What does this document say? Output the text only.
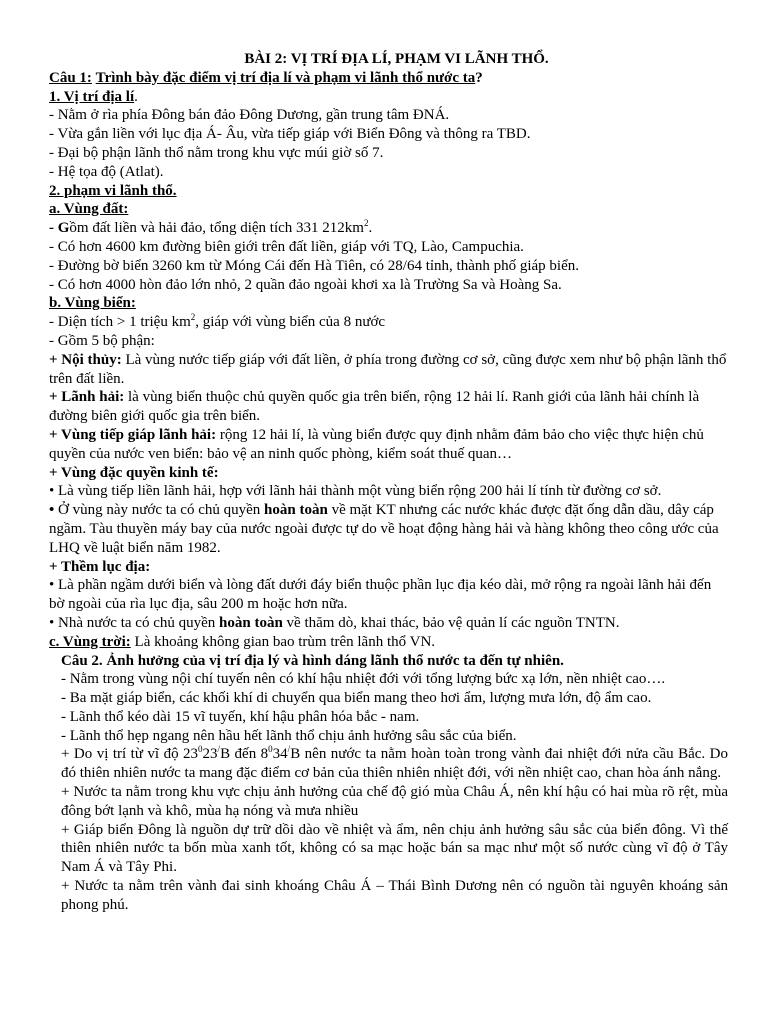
BÀI 2: VỊ TRÍ ĐỊA LÍ, PHẠM VI LÃNH THỔ.

Câu 1: Trình bày đặc điểm vị trí địa lí và phạm vi lãnh thổ nước ta?

1. Vị trí địa lí.

- Nằm ở rìa phía Đông bán đảo Đông Dương, gần trung tâm ĐNÁ.

- Vừa gắn liền với lục địa Á- Âu, vừa tiếp giáp với Biển Đông và thông ra TBD.

- Đại bộ phận lãnh thổ nằm trong khu vực múi giờ số 7.

- Hệ tọa độ (Atlat).

2. phạm vi lãnh thổ.

a. Vùng đất:

- Gồm đất liền và hải đảo, tổng diện tích 331 $212km^2$.

- Có hơn 4600 km đường biên giới trên đất liền, giáp với TQ, Lào, Campuchia.

- Đường bờ biển 3260 km từ Móng Cái đến Hà Tiên, có 28/64 tỉnh, thành phố giáp biển.

- Có hơn 4000 hòn đảo lớn nhỏ, 2 quần đảo ngoài khơi xa là Trường Sa và Hoàng Sa.

b. Vùng biển:

- Diện tích > 1 triệu $km^2$, giáp với vùng biển của 8 nước

- Gồm 5 bộ phận:

+ Nội thủy: Là vùng nước tiếp giáp với đất liền, ở phía trong đường cơ sở, cũng được xem như bộ phận lãnh thổ trên đất liền.

+ Lãnh hải: là vùng biển thuộc chủ quyền quốc gia trên biển, rộng 12 hải lí. Ranh giới của lãnh hải chính là đường biên giới quốc gia trên biển.

+ Vùng tiếp giáp lãnh hải: rộng 12 hải lí, là vùng biển được quy định nhằm đảm bảo cho việc thực hiện chủ quyền của nước ven biển: bảo vệ an ninh quốc phòng, kiểm soát thuế quan…

+ Vùng đặc quyền kinh tế:

• Là vùng tiếp liền lãnh hải, hợp với lãnh hải thành một vùng biển rộng 200 hải lí tính từ đường cơ sở.

• Ở vùng này nước ta có chủ quyền hoàn toàn về mặt KT nhưng các nước khác được đặt ống dẫn dầu, dây cáp ngầm. Tàu thuyền máy bay của nước ngoài được tự do về hoạt động hàng hải và hàng không theo công ước của LHQ về luật biển năm 1982.

+ Thềm lục địa:

• Là phần ngầm dưới biển và lòng đất dưới đáy biển thuộc phần lục địa kéo dài, mở rộng ra ngoài lãnh hải đến bờ ngoài của rìa lục địa, sâu 200 m hoặc hơn nữa.

• Nhà nước ta có chủ quyền hoàn toàn về thăm dò, khai thác, bảo vệ quản lí các nguồn TNTN.

c. Vùng trời: Là khoảng không gian bao trùm trên lãnh thổ VN.

Câu 2. Ảnh hưởng của vị trí địa lý và hình dáng lãnh thổ nước ta đến tự nhiên.

- Nằm trong vùng nội chí tuyến nên có khí hậu nhiệt đới với tổng lượng bức xạ lớn, nền nhiệt cao….

- Ba mặt giáp biển, các khối khí di chuyển qua biển mang theo hơi ẩm, lượng mưa lớn, độ ẩm cao.

- Lãnh thổ kéo dài 15 vĩ tuyến, khí hậu phân hóa bắc - nam.

- Lãnh thổ hẹp ngang nên hầu hết lãnh thổ chịu ảnh hưởng sâu sắc của biển.

+ Do vị trí từ vĩ độ $23^023^/B$ đến $8^034^/B$ nên nước ta nằm hoàn toàn trong vành đai nhiệt đới nửa cầu Bắc. Do đó thiên nhiên nước ta mang đặc điểm cơ bản của thiên nhiên nhiệt đới, với nền nhiệt cao, chan hòa ánh nắng.

+ Nước ta nằm trong khu vực chịu ảnh hưởng của chế độ gió mùa Châu Á, nên khí hậu có hai mùa rõ rệt, mùa đông bớt lạnh và khô, mùa hạ nóng và mưa nhiều

+ Giáp biển Đông là nguồn dự trữ dồi dào về nhiệt và ẩm, nên chịu ảnh hưởng sâu sắc của biển đông. Vì thế thiên nhiên nước ta bốn mùa xanh tốt, không có sa mạc hoặc bán sa mạc như một số nước cùng vĩ độ ở Tây Nam Á và Tây Phi.

+ Nước ta nằm trên vành đai sinh khoáng Châu Á – Thái Bình Dương nên có nguồn tài nguyên khoáng sản phong phú.
